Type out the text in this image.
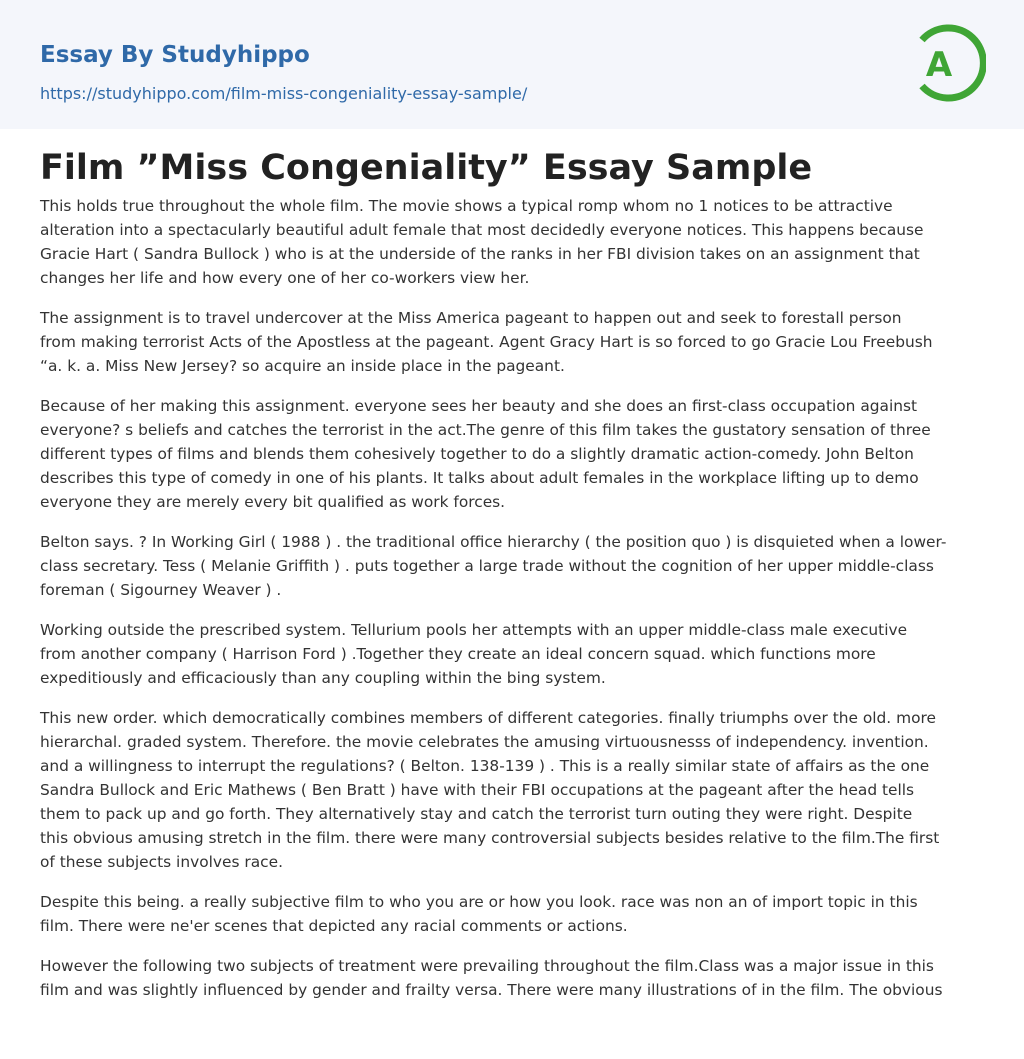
Essay By Studyhippo
https://studyhippo.com/film-miss-congeniality-essay-sample/
A
Film ”Miss Congeniality” Essay Sample

This holds true throughout the whole film. The movie shows a typical romp whom no 1 notices to be attractive
alteration into a spectacularly beautiful adult female that most decidedly everyone notices. This happens because
Gracie Hart ( Sandra Bullock ) who is at the underside of the ranks in her FBI division takes on an assignment that
changes her life and how every one of her co-workers view her.

The assignment is to travel undercover at the Miss America pageant to happen out and seek to forestall person
from making terrorist Acts of the Apostless at the pageant. Agent Gracy Hart is so forced to go Gracie Lou Freebush
“a. k. a. Miss New Jersey? so acquire an inside place in the pageant.

Because of her making this assignment. everyone sees her beauty and she does an first-class occupation against
everyone? s beliefs and catches the terrorist in the act.The genre of this film takes the gustatory sensation of three
different types of films and blends them cohesively together to do a slightly dramatic action-comedy. John Belton
describes this type of comedy in one of his plants. It talks about adult females in the workplace lifting up to demo
everyone they are merely every bit qualified as work forces.

Belton says. ? In Working Girl ( 1988 ) . the traditional office hierarchy ( the position quo ) is disquieted when a lower-
class secretary. Tess ( Melanie Griffith ) . puts together a large trade without the cognition of her upper middle-class
foreman ( Sigourney Weaver ) .

Working outside the prescribed system. Tellurium pools her attempts with an upper middle-class male executive
from another company ( Harrison Ford ) .Together they create an ideal concern squad. which functions more
expeditiously and efficaciously than any coupling within the bing system.

This new order. which democratically combines members of different categories. finally triumphs over the old. more
hierarchal. graded system. Therefore. the movie celebrates the amusing virtuousnesss of independency. invention.
and a willingness to interrupt the regulations? ( Belton. 138-139 ) . This is a really similar state of affairs as the one
Sandra Bullock and Eric Mathews ( Ben Bratt ) have with their FBI occupations at the pageant after the head tells
them to pack up and go forth. They alternatively stay and catch the terrorist turn outing they were right. Despite
this obvious amusing stretch in the film. there were many controversial subjects besides relative to the film.The first
of these subjects involves race.

Despite this being. a really subjective film to who you are or how you look. race was non an of import topic in this
film. There were ne'er scenes that depicted any racial comments or actions.

However the following two subjects of treatment were prevailing throughout the film.Class was a major issue in this
film and was slightly influenced by gender and frailty versa. There were many illustrations of in the film. The obvious
